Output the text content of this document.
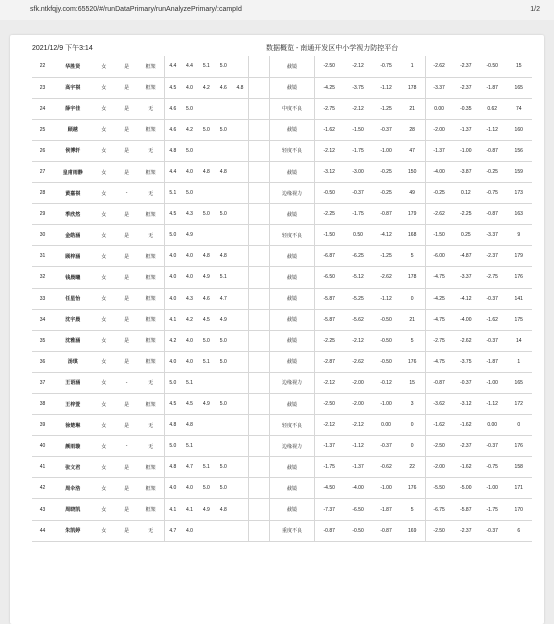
sfk.ntkfqjy.com:65520/#/runDataPrimary/runAnalyzePrimary/:campId	1/2
2021/12/9 下午3:14	数据概览 - 南通开发区中小学视力防控平台
22	华胜贤	女	是	框架	4.4	4.4	5.1	5.0			截镜	-2.50	-2.12	-0.75	1	-2.62	-2.37	-0.50	15
23	高宇祺	女	是	框架	4.5	4.0	4.2	4.6	4.8		截镜	-4.25	-3.75	-1.12	178	-3.37	-2.37	-1.87	165
24	薛宇佳	女	是	无	4.6	5.0					中度不良	-2.75	-2.12	-1.25	21	0.00	-0.35	0.62	74
25	顾越	女	是	框架	4.6	4.2	5.0	5.0			截镜	-1.62	-1.50	-0.37	28	-2.00	-1.37	-1.12	160
26	侯博轩	女	是	无	4.8	5.0					轻度不良	-2.12	-1.75	-1.00	47	-1.37	-1.00	-0.87	156
27	皇甫雨静	女	是	框架	4.4	4.0	4.8	4.8			截镜	-3.12	-3.00	-0.25	150	-4.00	-3.87	-0.25	159
28	黄嘉祺	女	-	无	5.1	5.0					边缘视力	-0.50	-0.37	-0.25	49	-0.25	0.12	-0.75	173
29	季欣然	女	是	框架	4.5	4.3	5.0	5.0			截镜	-2.25	-1.75	-0.87	179	-2.62	-2.25	-0.87	163
30	金皓涵	女	是	无	5.0	4.9					轻度不良	-1.50	0.50	-4.12	168	-1.50	0.25	-3.37	9
31	顾梓涵	女	是	框架	4.0	4.0	4.8	4.8			截镜	-6.87	-6.25	-1.25	5	-6.00	-4.87	-2.37	179
32	钱晨曦	女	是	框架	4.0	4.0	4.9	5.1			截镜	-6.50	-5.12	-2.62	178	-4.75	-3.37	-2.75	176
33	任星怡	女	是	框架	4.0	4.3	4.6	4.7			截镜	-5.87	-5.25	-1.12	0	-4.25	-4.12	-0.37	141
34	沈宇晨	女	是	框架	4.1	4.2	4.5	4.9			截镜	-5.87	-5.62	-0.50	21	-4.75	-4.00	-1.62	175
35	沈雅涵	女	是	框架	4.2	4.0	5.0	5.0			截镜	-2.25	-2.12	-0.50	5	-2.75	-2.62	-0.37	14
36	汤琪	女	是	框架	4.0	4.0	5.1	5.0			截镜	-2.87	-2.62	-0.50	176	-4.75	-3.75	-1.87	1
37	王语涵	女	-	无	5.0	5.1					边缘视力	-2.12	-2.00	-0.12	15	-0.87	-0.37	-1.00	165
38	王梓萱	女	是	框架	4.5	4.5	4.9	5.0			截镜	-2.50	-2.00	-1.00	3	-3.62	-3.12	-1.12	172
39	徐楚琳	女	是	无	4.8	4.8					轻度不良	-2.12	-2.12	0.00	0	-1.62	-1.62	0.00	0
40	颜雨璇	女	-	无	5.0	5.1					边缘视力	-1.37	-1.12	-0.37	0	-2.50	-2.37	-0.37	176
41	张文君	女	是	框架	4.8	4.7	5.1	5.0			截镜	-1.75	-1.37	-0.62	22	-2.00	-1.62	-0.75	158
42	周伞浩	女	是	框架	4.0	4.0	5.0	5.0			截镜	-4.50	-4.00	-1.00	176	-5.50	-5.00	-1.00	171
43	周晓凯	女	是	框架	4.1	4.1	4.9	4.8			截镜	-7.37	-6.50	-1.87	5	-6.75	-5.87	-1.75	170
44	朱凯婷	女	是	无	4.7	4.0					重度不良	-0.87	-0.50	-0.87	169	-2.50	-2.37	-0.37	6
